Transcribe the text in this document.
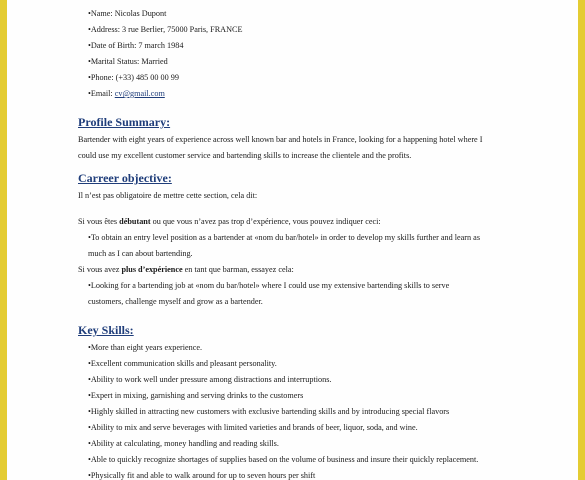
•Name: Nicolas Dupont
•Address: 3 rue Berlier, 75000 Paris, FRANCE
•Date of Birth: 7 march 1984
•Marital Status: Married
•Phone: (+33) 485 00 00 99
•Email: cv@gmail.com
Profile Summary:
Bartender with eight years of experience across well known bar and hotels in France, looking for a happening hotel where I
could use my excellent customer service and bartending skills to increase the clientele and the profits.
Carreer objective:
Il n’est pas obligatoire de mettre cette section, cela dit:
Si vous êtes débutant ou que vous n’avez pas trop d’expérience, vous pouvez indiquer ceci:
•To obtain an entry level position as a bartender at «nom du bar/hotel» in order to develop my skills further and learn as
much as I can about bartending.
Si vous avez plus d’expérience en tant que barman, essayez cela:
•Looking for a bartending job at «nom du bar/hotel» where I could use my extensive bartending skills to serve
customers, challenge myself and grow as a bartender.
Key Skills:
•More than eight years experience.
•Excellent communication skills and pleasant personality.
•Ability to work well under pressure among distractions and interruptions.
•Expert in mixing, garnishing and serving drinks to the customers
•Highly skilled in attracting new customers with exclusive bartending skills and by introducing special flavors
•Ability to mix and serve beverages with limited varieties and brands of beer, liquor, soda, and wine.
•Ability at calculating, money handling and reading skills.
•Able to quickly recognize shortages of supplies based on the volume of business and insure their quickly replacement.
•Physically fit and able to walk around for up to seven hours per shift
